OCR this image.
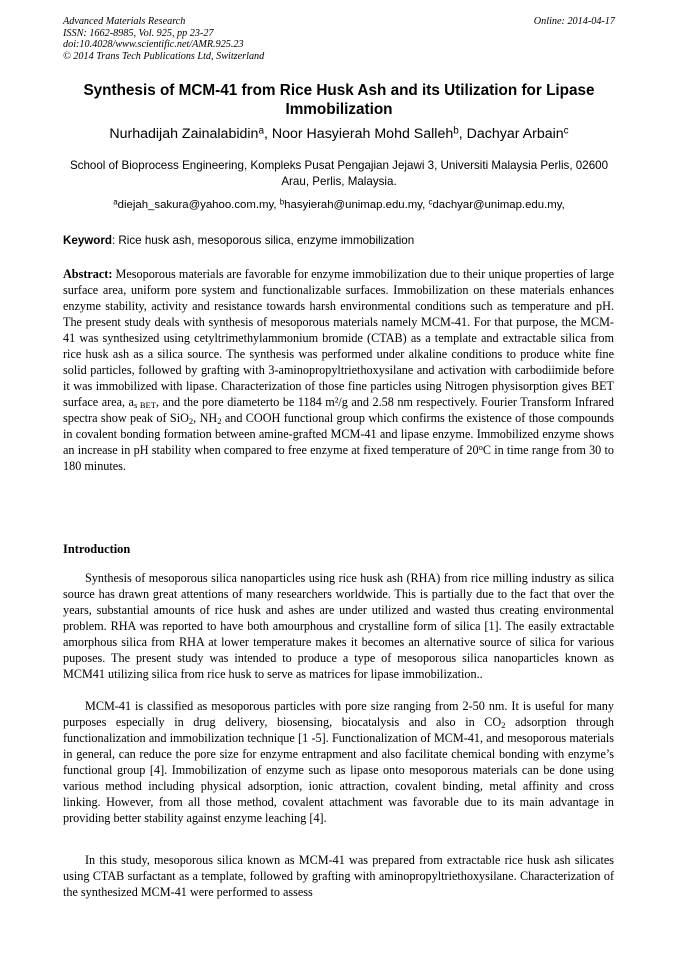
Advanced Materials Research
ISSN: 1662-8985, Vol. 925, pp 23-27
doi:10.4028/www.scientific.net/AMR.925.23
© 2014 Trans Tech Publications Ltd, Switzerland
Online: 2014-04-17
Synthesis of MCM-41 from Rice Husk Ash and its Utilization for Lipase Immobilization
Nurhadijah Zainalabidin$^a$, Noor Hasyierah Mohd Salleh$^b$, Dachyar Arbain$^c$
School of Bioprocess Engineering, Kompleks Pusat Pengajian Jejawi 3, Universiti Malaysia Perlis, 02600 Arau, Perlis, Malaysia.
$^a$diejah_sakura@yahoo.com.my, $^b$hasyierah@unimap.edu.my, $^c$dachyar@unimap.edu.my,
Keyword: Rice husk ash, mesoporous silica, enzyme immobilization
Abstract: Mesoporous materials are favorable for enzyme immobilization due to their unique properties of large surface area, uniform pore system and functionalizable surfaces. Immobilization on these materials enhances enzyme stability, activity and resistance towards harsh environmental conditions such as temperature and pH. The present study deals with synthesis of mesoporous materials namely MCM-41. For that purpose, the MCM-41 was synthesized using cetyltrimethylammonium bromide (CTAB) as a template and extractable silica from rice husk ash as a silica source. The synthesis was performed under alkaline conditions to produce white fine solid particles, followed by grafting with 3-aminopropyltriethoxysilane and activation with carbodiimide before it was immobilized with lipase. Characterization of those fine particles using Nitrogen physisorption gives BET surface area, $a_{s BET}$, and the pore diameterto be 1184 m²/g and 2.58 nm respectively. Fourier Transform Infrared spectra show peak of SiO$_2$, $NH_2$ and COOH functional group which confirms the existence of those compounds in covalent bonding formation between amine-grafted MCM-41 and lipase enzyme. Immobilized enzyme shows an increase in pH stability when compared to free enzyme at fixed temperature of 20$^o$C in time range from 30 to 180 minutes.
Introduction
Synthesis of mesoporous silica nanoparticles using rice husk ash (RHA) from rice milling industry as silica source has drawn great attentions of many researchers worldwide. This is partially due to the fact that over the years, substantial amounts of rice husk and ashes are under utilized and wasted thus creating environmental problem. RHA was reported to have both amourphous and crystalline form of silica [1]. The easily extractable amorphous silica from RHA at lower temperature makes it becomes an alternative source of silica for various puposes. The present study was intended to produce a type of mesoporous silica nanoparticles known as MCM41 utilizing silica from rice husk to serve as matrices for lipase immobilization..
MCM-41 is classified as mesoporous particles with pore size ranging from 2-50 nm. It is useful for many purposes especially in drug delivery, biosensing, biocatalysis and also in $CO_2$ adsorption through functionalization and immobilization technique [1 -5]. Functionalization of MCM-41, and mesoporous materials in general, can reduce the pore size for enzyme entrapment and also facilitate chemical bonding with enzyme’s functional group [4]. Immobilization of enzyme such as lipase onto mesoporous materials can be done using various method including physical adsorption, ionic attraction, covalent binding, metal affinity and cross linking. However, from all those method, covalent attachment was favorable due to its main advantage in providing better stability against enzyme leaching [4].
In this study, mesoporous silica known as MCM-41 was prepared from extractable rice husk ash silicates using CTAB surfactant as a template, followed by grafting with aminopropyltriethoxysilane. Characterization of the synthesized MCM-41 were performed to assess
